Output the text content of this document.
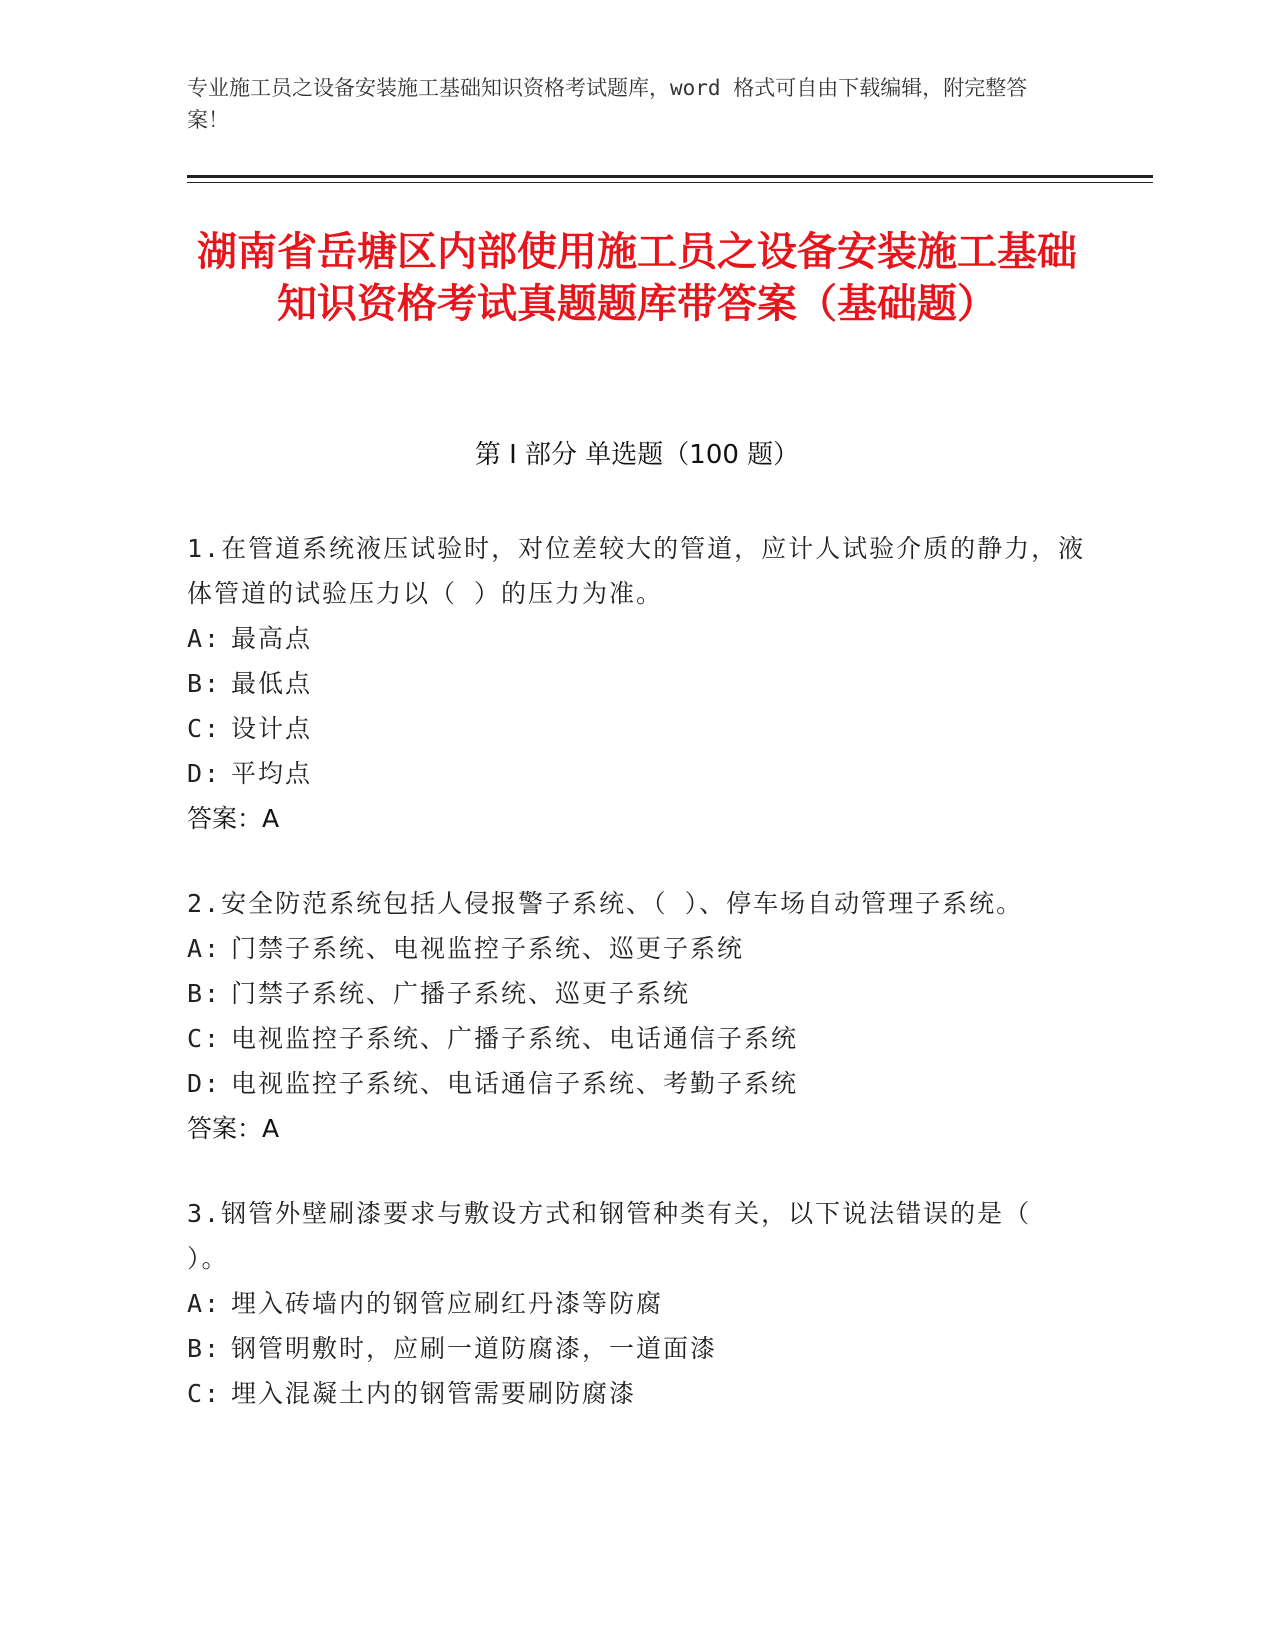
专业施工员之设备安装施工基础知识资格考试题库，word 格式可自由下载编辑，附完整答案！
湖南省岳塘区内部使用施工员之设备安装施工基础知识资格考试真题题库带答案（基础题）
第 I 部分 单选题（100 题）
1.在管道系统液压试验时，对位差较大的管道，应计人试验介质的静力，液体管道的试验压力以（ ）的压力为准。
A: 最高点
B: 最低点
C: 设计点
D: 平均点
答案：A
2.安全防范系统包括人侵报警子系统、（ ）、停车场自动管理子系统。
A: 门禁子系统、电视监控子系统、巡更子系统
B: 门禁子系统、广播子系统、巡更子系统
C: 电视监控子系统、广播子系统、电话通信子系统
D: 电视监控子系统、电话通信子系统、考勤子系统
答案：A
3.钢管外壁刷漆要求与敷设方式和钢管种类有关，以下说法错误的是（ ）。
A: 埋入砖墙内的钢管应刷红丹漆等防腐
B: 钢管明敷时，应刷一道防腐漆，一道面漆
C: 埋入混凝土内的钢管需要刷防腐漆
